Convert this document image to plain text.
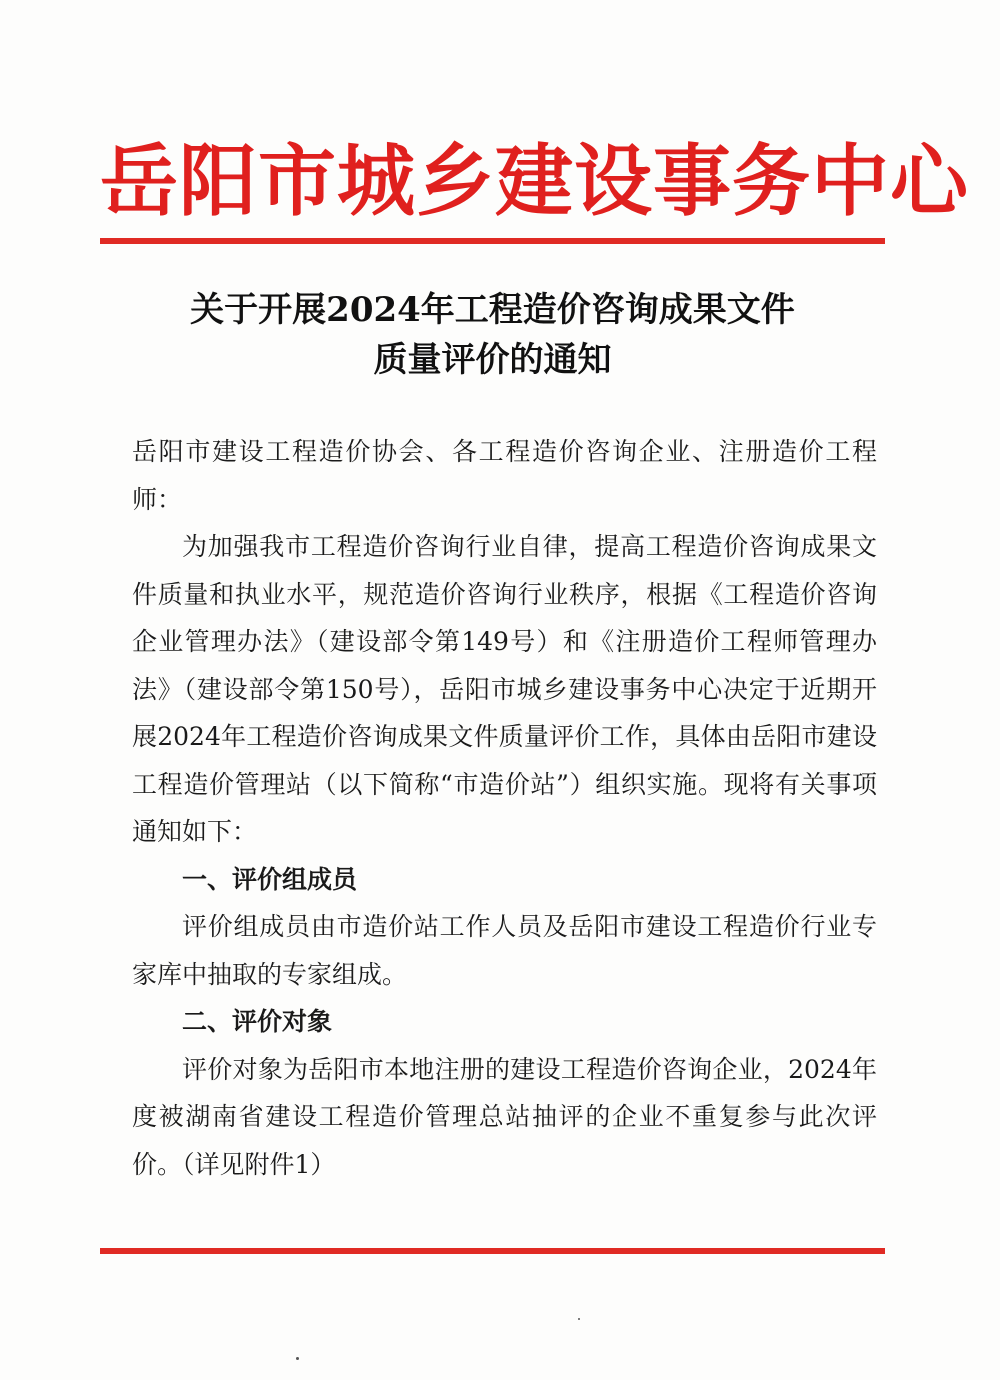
岳阳市城乡建设事务中心
关于开展2024年工程造价咨询成果文件
质量评价的通知

岳阳市建设工程造价协会、各工程造价咨询企业、注册造价工程师：

为加强我市工程造价咨询行业自律，提高工程造价咨询成果文件质量和执业水平，规范造价咨询行业秩序，根据《工程造价咨询企业管理办法》（建设部令第149号）和《注册造价工程师管理办法》（建设部令第150号），岳阳市城乡建设事务中心决定于近期开展2024年工程造价咨询成果文件质量评价工作，具体由岳阳市建设工程造价管理站（以下简称“市造价站”）组织实施。现将有关事项通知如下：

一、评价组成员

评价组成员由市造价站工作人员及岳阳市建设工程造价行业专家库中抽取的专家组成。

二、评价对象

评价对象为岳阳市本地注册的建设工程造价咨询企业，2024年度被湖南省建设工程造价管理总站抽评的企业不重复参与此次评价。（详见附件1）
